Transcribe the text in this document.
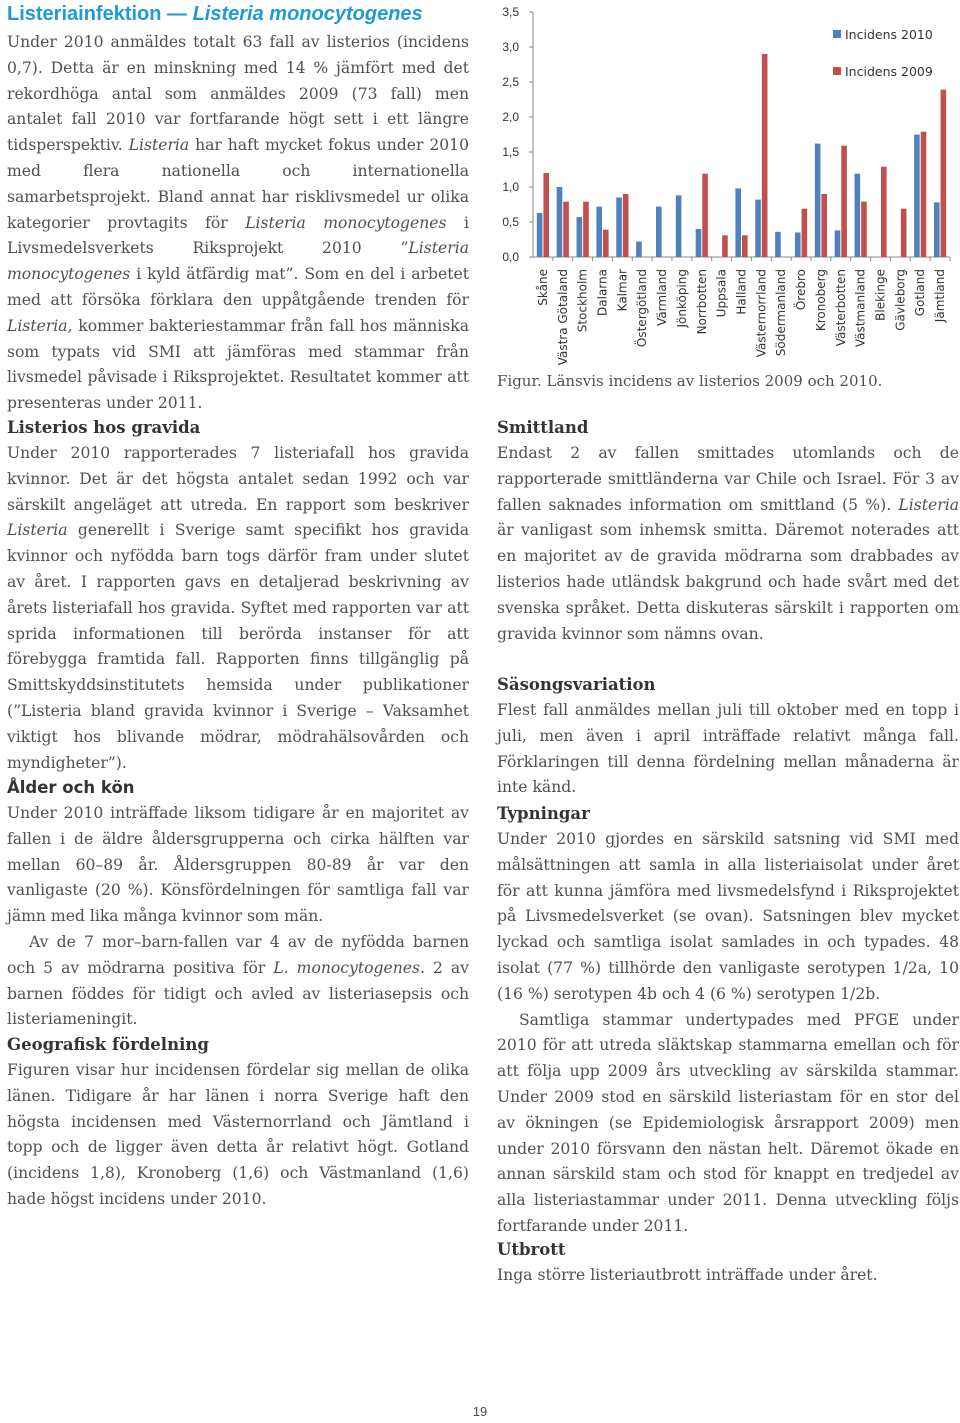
Listeriainfektion — Listeria monocytogenes

Under 2010 anmäldes totalt 63 fall av listerios (incidens 0,7). Detta är en minskning med 14 % jämfört med det rekordhöga antal som anmäldes 2009 (73 fall) men antalet fall 2010 var fortfarande högt sett i ett längre tidsperspektiv. Listeria har haft mycket fokus under 2010 med flera nationella och internationella samarbetsprojekt. Bland annat har risklivsmedel ur olika kategorier provtagits för Listeria monocytogenes i Livsmedelsverkets Riksprojekt 2010 ”Listeria monocytogenes i kyld ätfärdig mat”. Som en del i arbetet med att försöka förklara den uppåtgående trenden för Listeria, kommer bakteriestammar från fall hos människa som typats vid SMI att jämföras med stammar från livsmedel påvisade i Riksprojektet. Resultatet kommer att presenteras under 2011.

0,0
0,5
1,0
1,5
2,0
2,5
3,0
3,5
Skåne Västra Götaland Stockholm Dalarna Kalmar Östergötland Värmland Jönköping Norrbotten Uppsala Halland Västernorrland Södermanland Örebro Kronoberg Västerbotten Västmanland Blekinge Gävleborg Gotland Jämtland
Incidens 2010
Incidens 2009
Figur. Länsvis incidens av listerios 2009 och 2010.
Listerios hos gravida

Under 2010 rapporterades 7 listeriafall hos gravida kvinnor. Det är det högsta antalet sedan 1992 och var särskilt angeläget att utreda. En rapport som beskriver Listeria generellt i Sverige samt specifikt hos gravida kvinnor och nyfödda barn togs därför fram under slutet av året. I rapporten gavs en detaljerad beskrivning av årets listeriafall hos gravida. Syftet med rapporten var att sprida informationen till berörda instanser för att förebygga framtida fall. Rapporten finns tillgänglig på Smittskyddsinstitutets hemsida under publikationer (”Listeria bland gravida kvinnor i Sverige – Vaksamhet viktigt hos blivande mödrar, mödrahälsovården och myndigheter”).

Ålder och kön

Under 2010 inträffade liksom tidigare år en majoritet av fallen i de äldre åldersgrupperna och cirka hälften var mellan 60–89 år. Åldersgruppen 80-89 år var den vanligaste (20 %). Könsfördelningen för samtliga fall var jämn med lika många kvinnor som män.

Av de 7 mor–barn-fallen var 4 av de nyfödda barnen och 5 av mödrarna positiva för L. monocytogenes. 2 av barnen föddes för tidigt och avled av listeriasepsis och listeriameningit.

Geografisk fördelning

Figuren visar hur incidensen fördelar sig mellan de olika länen. Tidigare år har länen i norra Sverige haft den högsta incidensen med Västernorrland och Jämtland i topp och de ligger även detta år relativt högt. Gotland (incidens 1,8), Kronoberg (1,6) och Västmanland (1,6) hade högst incidens under 2010.

Smittland

Endast 2 av fallen smittades utomlands och de rapporterade smittländerna var Chile och Israel. För 3 av fallen saknades information om smittland (5 %). Listeria är vanligast som inhemsk smitta. Däremot noterades att en majoritet av de gravida mödrarna som drabbades av listerios hade utländsk bakgrund och hade svårt med det svenska språket. Detta diskuteras särskilt i rapporten om gravida kvinnor som nämns ovan.

Säsongsvariation

Flest fall anmäldes mellan juli till oktober med en topp i juli, men även i april inträffade relativt många fall. Förklaringen till denna fördelning mellan månaderna är inte känd.

Typningar

Under 2010 gjordes en särskild satsning vid SMI med målsättningen att samla in alla listeriaisolat under året för att kunna jämföra med livsmedelsfynd i Riksprojektet på Livsmedelsverket (se ovan). Satsningen blev mycket lyckad och samtliga isolat samlades in och typades. 48 isolat (77 %) tillhörde den vanligaste serotypen 1/2a, 10 (16 %) serotypen 4b och 4 (6 %) serotypen 1/2b.

Samtliga stammar undertypades med PFGE under 2010 för att utreda släktskap stammarna emellan och för att följa upp 2009 års utveckling av särskilda stammar. Under 2009 stod en särskild listeriastam för en stor del av ökningen (se Epidemiologisk årsrapport 2009) men under 2010 försvann den nästan helt. Däremot ökade en annan särskild stam och stod för knappt en tredjedel av alla listeriastammar under 2011. Denna utveckling följs fortfarande under 2011.

Utbrott

Inga större listeriautbrott inträffade under året.

19
